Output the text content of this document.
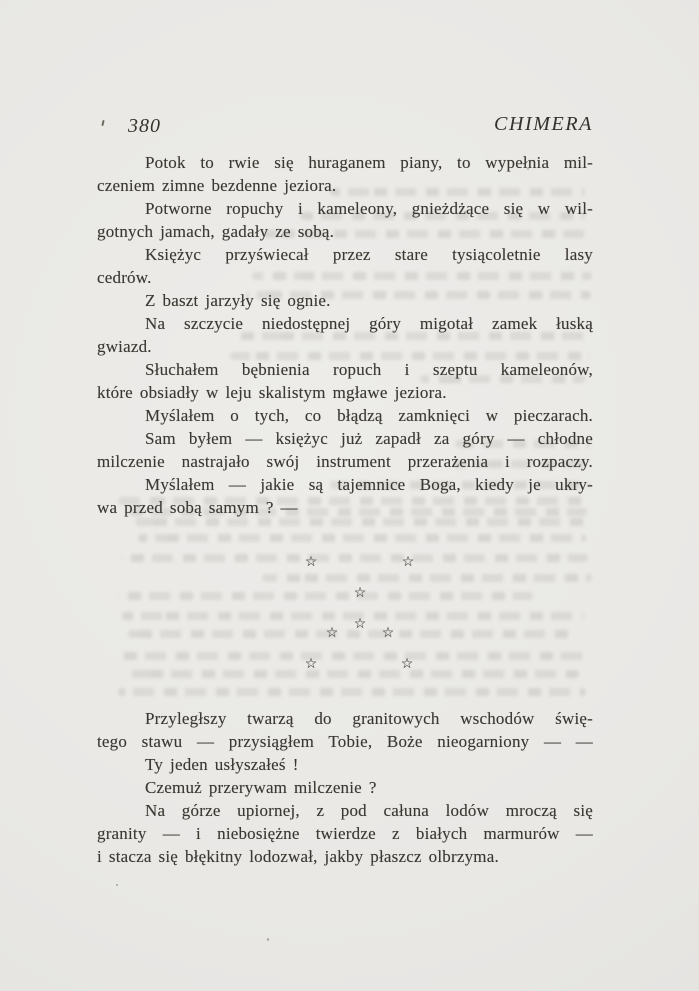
380	CHIMERA
Potok to rwie się huraganem piany, to wypełnia mil-
czeniem zimne bezdenne jeziora.
Potworne ropuchy i kameleony, gnieżdżące się w wil-
gotnych jamach, gadały ze sobą.
Księżyc przyświecał przez stare tysiącoletnie lasy
cedrów.
Z baszt jarzyły się ognie.
Na szczycie niedostępnej góry migotał zamek łuską
gwiazd.
Słuchałem bębnienia ropuch i szeptu kameleonów,
które obsiadły w leju skalistym mgławe jeziora.
Myślałem o tych, co błądzą zamknięci w pieczarach.
Sam byłem — księżyc już zapadł za góry — chłodne
milczenie nastrajało swój instrument przerażenia i rozpaczy.
Myślałem — jakie są tajemnice Boga, kiedy je ukry-
wa przed sobą samym ? —
☆	☆
☆
☆
☆	☆
☆	☆
Przyległszy twarzą do granitowych wschodów świę-
tego stawu — przysiągłem Tobie, Boże nieogarniony — —
Ty jeden usłyszałeś !
Czemuż przerywam milczenie ?
Na górze upiornej, z pod całuna lodów mroczą się
granity — i niebosiężne twierdze z białych marmurów —
i stacza się błękitny lodozwał, jakby płaszcz olbrzyma.
